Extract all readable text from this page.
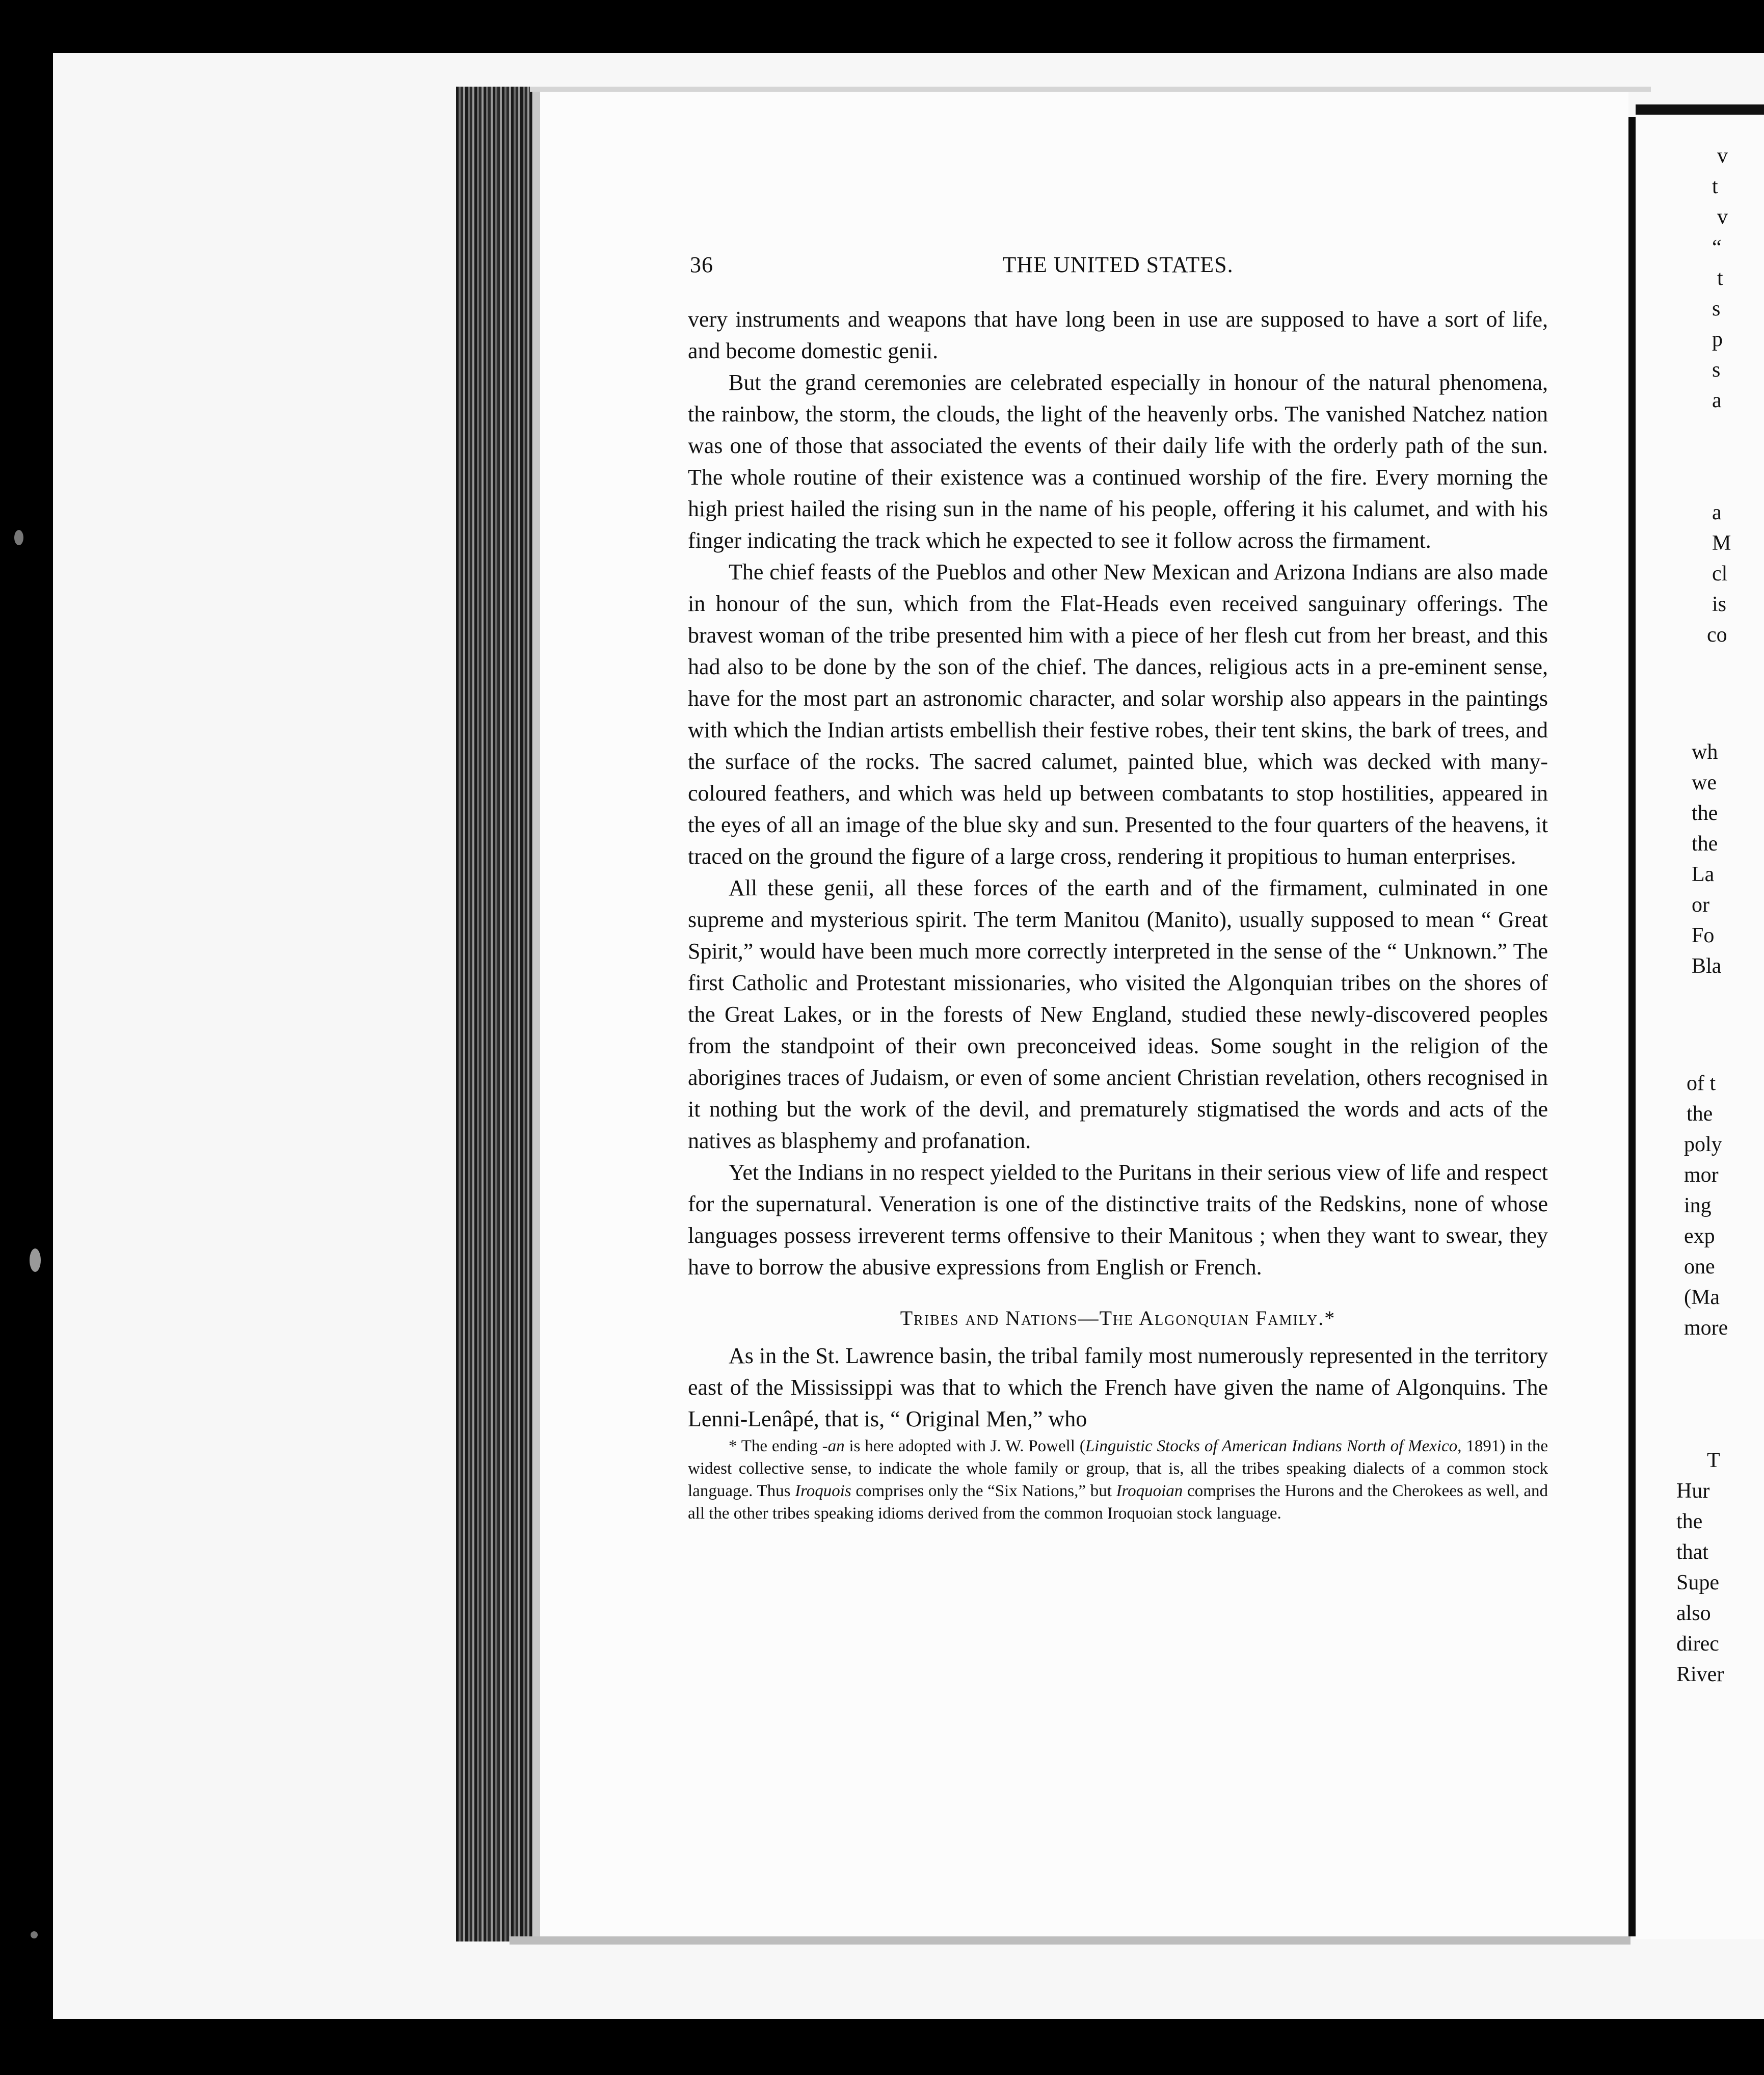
v
t
v
“
t
s
p
s
a
a
M
cl
is
co
wh
we
the
the
La
or
Fo
Bla
of t
the
poly
mor
ing
exp
one
(Ma
more
T
Hur
the
that
Supe
also
direc
River
36	THE UNITED STATES.

very instruments and weapons that have long been in use are supposed to have a sort of life, and become domestic genii.

But the grand ceremonies are celebrated especially in honour of the natural phenomena, the rainbow, the storm, the clouds, the light of the heavenly orbs. The vanished Natchez nation was one of those that associated the events of their daily life with the orderly path of the sun. The whole routine of their existence was a continued worship of the fire. Every morning the high priest hailed the rising sun in the name of his people, offering it his calumet, and with his finger indicating the track which he expected to see it follow across the firmament.

The chief feasts of the Pueblos and other New Mexican and Arizona Indians are also made in honour of the sun, which from the Flat-Heads even received sanguinary offerings. The bravest woman of the tribe presented him with a piece of her flesh cut from her breast, and this had also to be done by the son of the chief. The dances, religious acts in a pre-eminent sense, have for the most part an astronomic character, and solar worship also appears in the paintings with which the Indian artists embellish their festive robes, their tent skins, the bark of trees, and the surface of the rocks. The sacred calumet, painted blue, which was decked with many-coloured feathers, and which was held up between combatants to stop hostilities, appeared in the eyes of all an image of the blue sky and sun. Presented to the four quarters of the heavens, it traced on the ground the figure of a large cross, rendering it propitious to human enterprises.

All these genii, all these forces of the earth and of the firmament, culminated in one supreme and mysterious spirit. The term Manitou (Manito), usually supposed to mean “ Great Spirit,” would have been much more correctly interpreted in the sense of the “ Unknown.” The first Catholic and Protestant missionaries, who visited the Algonquian tribes on the shores of the Great Lakes, or in the forests of New England, studied these newly-discovered peoples from the standpoint of their own preconceived ideas. Some sought in the religion of the aborigines traces of Judaism, or even of some ancient Christian revelation, others recognised in it nothing but the work of the devil, and prematurely stigmatised the words and acts of the natives as blasphemy and profanation.

Yet the Indians in no respect yielded to the Puritans in their serious view of life and respect for the supernatural. Veneration is one of the distinctive traits of the Redskins, none of whose languages possess irreverent terms offensive to their Manitous ; when they want to swear, they have to borrow the abusive expressions from English or French.

Tribes and Nations—The Algonquian Family.*

As in the St. Lawrence basin, the tribal family most numerously represented in the territory east of the Mississippi was that to which the French have given the name of Algonquins. The Lenni-Lenâpé, that is, “ Original Men,” who

* The ending -an is here adopted with J. W. Powell (Linguistic Stocks of American Indians North of Mexico, 1891) in the widest collective sense, to indicate the whole family or group, that is, all the tribes speaking dialects of a common stock language. Thus Iroquois comprises only the “Six Nations,” but Iroquoian comprises the Hurons and the Cherokees as well, and all the other tribes speaking idioms derived from the common Iroquoian stock language.
